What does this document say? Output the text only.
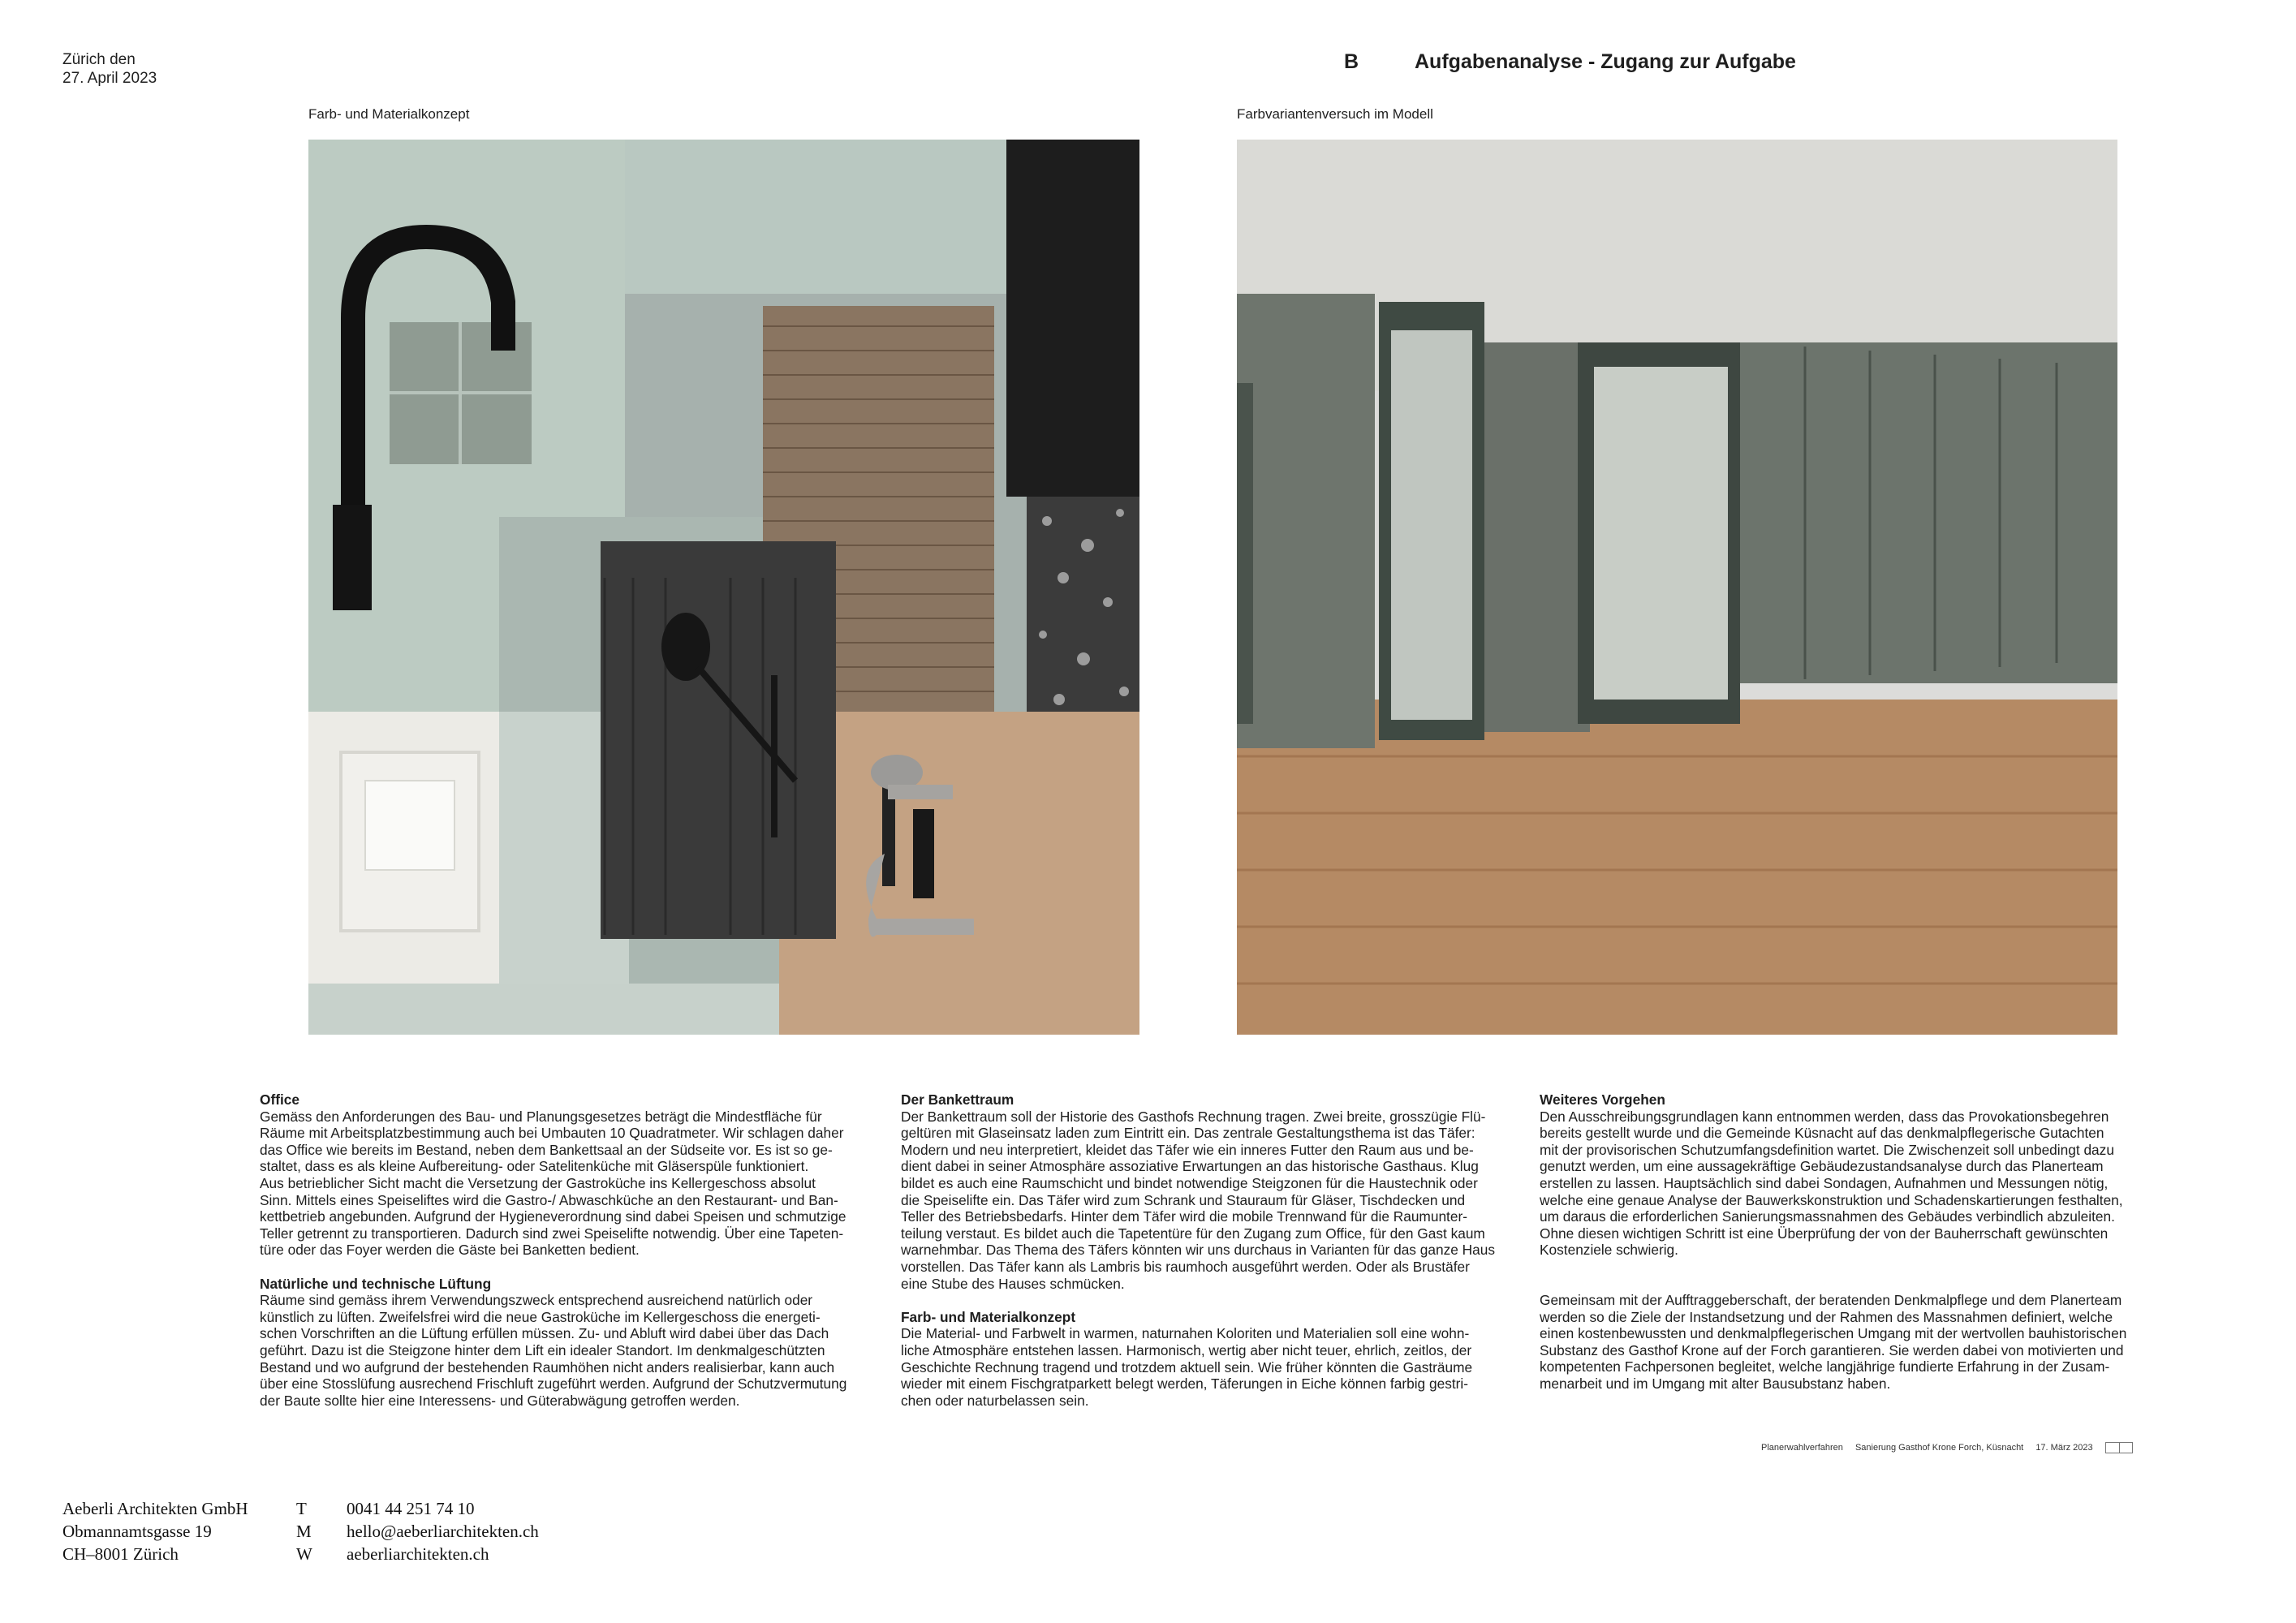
Zürich den
27. April 2023
B	Aufgabenanalyse - Zugang zur Aufgabe
Farb- und Materialkonzept	Farbvariantenversuch im Modell

Office

Gemäss den Anforderungen des Bau- und Planungsgesetzes beträgt die Mindestfläche für

Räume mit Arbeitsplatzbestimmung auch bei Umbauten 10 Quadratmeter. Wir schlagen daher

das Office wie bereits im Bestand, neben dem Bankettsaal an der Südseite vor. Es ist so ge-

staltet, dass es als kleine Aufbereitung- oder Satelitenküche mit Gläserspüle funktioniert.

Aus betrieblicher Sicht macht die Versetzung der Gastroküche ins Kellergeschoss absolut

Sinn. Mittels eines Speiseliftes wird die Gastro-/ Abwaschküche an den Restaurant- und Ban-

kettbetrieb angebunden. Aufgrund der Hygieneverordnung sind dabei Speisen und schmutzige

Teller getrennt zu transportieren. Dadurch sind zwei Speiselifte notwendig. Über eine Tapeten-

türe oder das Foyer werden die Gäste bei Banketten bedient.

Natürliche und technische Lüftung

Räume sind gemäss ihrem Verwendungszweck entsprechend ausreichend natürlich oder

künstlich zu lüften. Zweifelsfrei wird die neue Gastroküche im Kellergeschoss die energeti-

schen Vorschriften an die Lüftung erfüllen müssen. Zu- und Abluft wird dabei über das Dach

geführt. Dazu ist die Steigzone hinter dem Lift ein idealer Standort. Im denkmalgeschützten

Bestand und wo aufgrund der bestehenden Raumhöhen nicht anders realisierbar, kann auch

über eine Stosslüfung ausrechend Frischluft zugeführt werden. Aufgrund der Schutzvermutung

der Baute sollte hier eine Interessens- und Güterabwägung getroffen werden.

Der Bankettraum

Der Bankettraum soll der Historie des Gasthofs Rechnung tragen. Zwei breite, grosszügie Flü-

geltüren mit Glaseinsatz laden zum Eintritt ein. Das zentrale Gestaltungsthema ist das Täfer:

Modern und neu interpretiert, kleidet das Täfer wie ein inneres Futter den Raum aus und be-

dient dabei in seiner Atmosphäre assoziative Erwartungen an das historische Gasthaus. Klug

bildet es auch eine Raumschicht und bindet notwendige Steigzonen für die Haustechnik oder

die Speiselifte ein. Das Täfer wird zum Schrank und Stauraum für Gläser, Tischdecken und

Teller des Betriebsbedarfs. Hinter dem Täfer wird die mobile Trennwand für die Raumunter-

teilung verstaut. Es bildet auch die Tapetentüre für den Zugang zum Office, für den Gast kaum

warnehmbar. Das Thema des Täfers könnten wir uns durchaus in Varianten für das ganze Haus

vorstellen. Das Täfer kann als Lambris bis raumhoch ausgeführt werden. Oder als Brustäfer

eine Stube des Hauses schmücken.

Farb- und Materialkonzept

Die Material- und Farbwelt in warmen, naturnahen Koloriten und Materialien soll eine wohn-

liche Atmosphäre entstehen lassen. Harmonisch, wertig aber nicht teuer, ehrlich, zeitlos, der

Geschichte Rechnung tragend und trotzdem aktuell sein. Wie früher könnten die Gasträume

wieder mit einem Fischgratparkett belegt werden, Täferungen in Eiche können farbig gestri-

chen oder naturbelassen sein.

Weiteres Vorgehen

Den Ausschreibungsgrundlagen kann entnommen werden, dass das Provokationsbegehren

bereits gestellt wurde und die Gemeinde Küsnacht auf das denkmalpflegerische Gutachten

mit der provisorischen Schutzumfangsdefinition wartet. Die Zwischenzeit soll unbedingt dazu

genutzt werden, um eine aussagekräftige Gebäudezustandsanalyse durch das Planerteam

erstellen zu lassen. Hauptsächlich sind dabei Sondagen, Aufnahmen und Messungen nötig,

welche eine genaue Analyse der Bauwerkskonstruktion und Schadenskartierungen festhalten,

um daraus die erforderlichen Sanierungsmassnahmen des Gebäudes verbindlich abzuleiten.

Ohne diesen wichtigen Schritt ist eine Überprüfung der von der Bauherrschaft gewünschten

Kostenziele schwierig.

Gemeinsam mit der Aufftraggeberschaft, der beratenden Denkmalpflege und dem Planerteam

werden so die Ziele der Instandsetzung und der Rahmen des Massnahmen definiert, welche

einen kostenbewussten und denkmalpflegerischen Umgang mit der wertvollen bauhistorischen

Substanz des Gasthof Krone auf der Forch garantieren. Sie werden dabei von motivierten und

kompetenten Fachpersonen begleitet, welche langjährige fundierte Erfahrung in der Zusam-

menarbeit und im Umgang mit alter Bausubstanz haben.

Planerwahlverfahren Sanierung Gasthof Krone Forch, Küsnacht 17. März 2023
Aeberli Architekten GmbH	T	0041 44 251 74 10
Obmannamtsgasse 19	M	hello@aeberliarchitekten.ch
CH–8001 Zürich	W	aeberliarchitekten.ch
